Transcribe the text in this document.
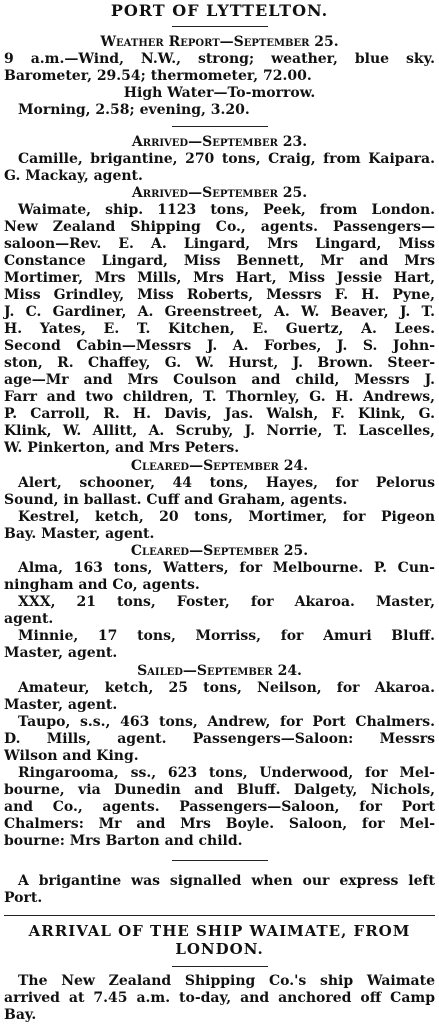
PORT OF LYTTELTON.
Weather Report—September 25.
9 a.m.—Wind, N.W., strong; weather, blue sky.
Barometer, 29.54; thermometer, 72.00.
High Water—To-morrow.
Morning, 2.58; evening, 3.20.
Arrived—September 23.
Camille, brigantine, 270 tons, Craig, from Kaipara.
G. Mackay, agent.
Arrived—September 25.
Waimate, ship. 1123 tons, Peek, from London.
New Zealand Shipping Co., agents. Passengers—
saloon—Rev. E. A. Lingard, Mrs Lingard, Miss
Constance Lingard, Miss Bennett, Mr and Mrs
Mortimer, Mrs Mills, Mrs Hart, Miss Jessie Hart,
Miss Grindley, Miss Roberts, Messrs F. H. Pyne,
J. C. Gardiner, A. Greenstreet, A. W. Beaver, J. T.
H. Yates, E. T. Kitchen, E. Guertz, A. Lees.
Second Cabin—Messrs J. A. Forbes, J. S. John-
ston, R. Chaffey, G. W. Hurst, J. Brown. Steer-
age—Mr and Mrs Coulson and child, Messrs J.
Farr and two children, T. Thornley, G. H. Andrews,
P. Carroll, R. H. Davis, Jas. Walsh, F. Klink, G.
Klink, W. Allitt, A. Scruby, J. Norrie, T. Lascelles,
W. Pinkerton, and Mrs Peters.
Cleared—September 24.
Alert, schooner, 44 tons, Hayes, for Pelorus
Sound, in ballast. Cuff and Graham, agents.
Kestrel, ketch, 20 tons, Mortimer, for Pigeon
Bay. Master, agent.
Cleared—September 25.
Alma, 163 tons, Watters, for Melbourne. P. Cun-
ningham and Co, agents.
XXX, 21 tons, Foster, for Akaroa. Master,
agent.
Minnie, 17 tons, Morriss, for Amuri Bluff.
Master, agent.
Sailed—September 24.
Amateur, ketch, 25 tons, Neilson, for Akaroa.
Master, agent.
Taupo, s.s., 463 tons, Andrew, for Port Chalmers.
D. Mills, agent. Passengers—Saloon: Messrs
Wilson and King.
Ringarooma, ss., 623 tons, Underwood, for Mel-
bourne, via Dunedin and Bluff. Dalgety, Nichols,
and Co., agents. Passengers—Saloon, for Port
Chalmers: Mr and Mrs Boyle. Saloon, for Mel-
bourne: Mrs Barton and child.
A brigantine was signalled when our express left
Port.
ARRIVAL OF THE SHIP WAIMATE, FROM
LONDON.
The New Zealand Shipping Co.'s ship Waimate
arrived at 7.45 a.m. to-day, and anchored off Camp
Bay.
